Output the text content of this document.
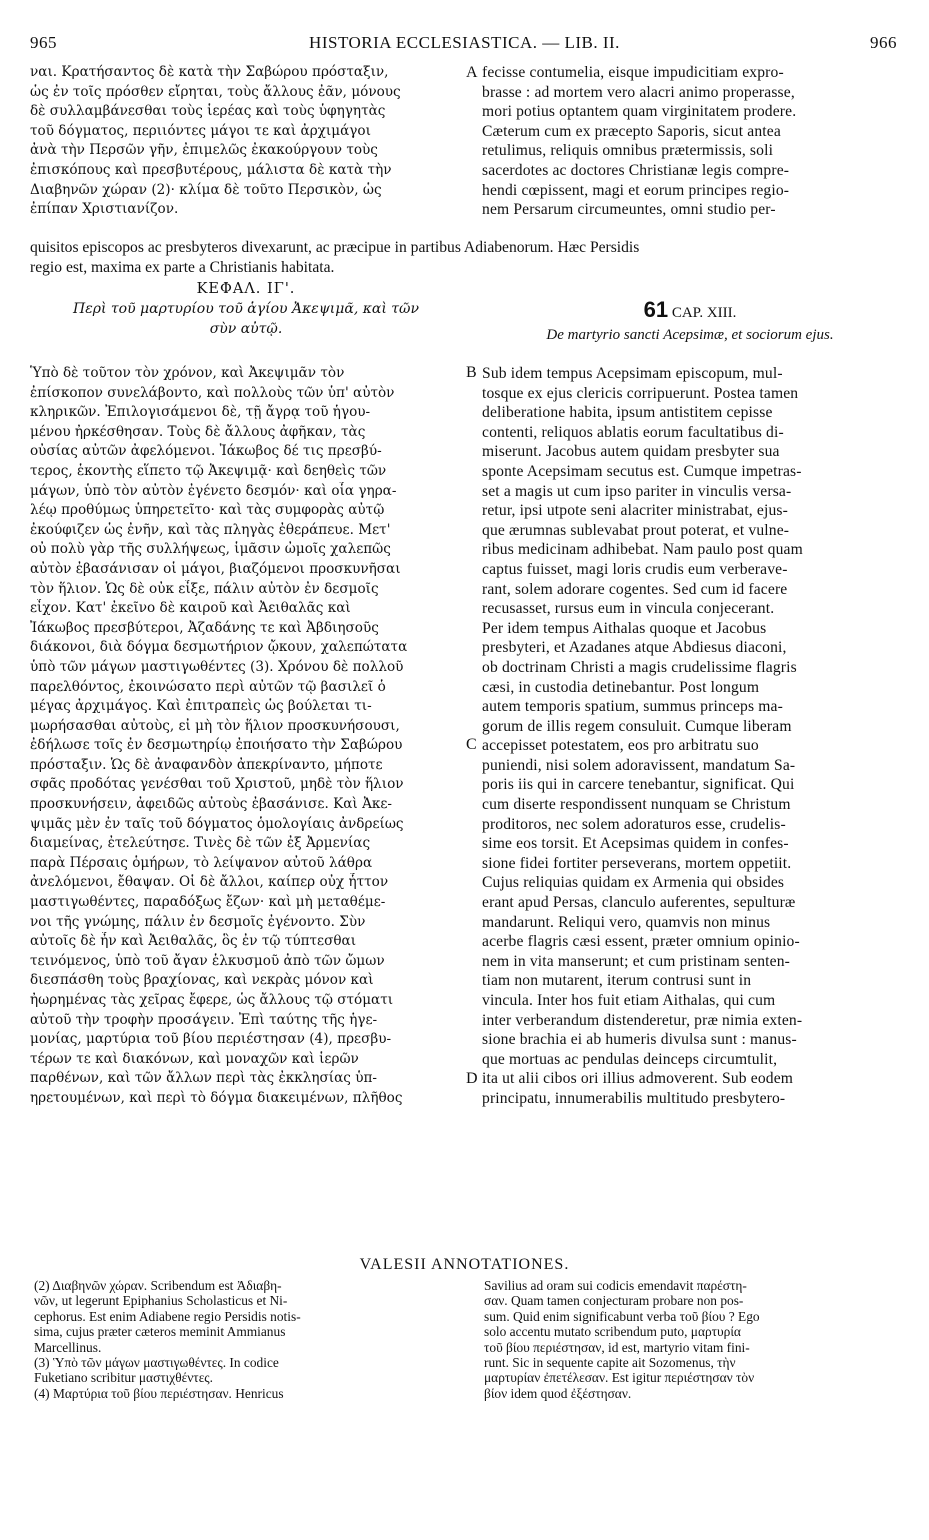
965	HISTORIA ECCLESIASTICA. — LIB. II.	966
ναι. Κρατήσαντος δὲ κατὰ τὴν Σαβώρου πρόσταξιν,
ὡς ἐν τοῖς πρόσθεν εἴρηται, τοὺς ἄλλους ἐᾶν, μόνους
δὲ συλλαμβάνεσθαι τοὺς ἱερέας καὶ τοὺς ὑφηγητὰς
τοῦ δόγματος, περιιόντες μάγοι τε καὶ ἀρχιμάγοι
ἀνὰ τὴν Περσῶν γῆν, ἐπιμελῶς ἐκακούργουν τοὺς
ἐπισκόπους καὶ πρεσβυτέρους, μάλιστα δὲ κατὰ τὴν
Διαβηνῶν χώραν (2)· κλίμα δὲ τοῦτο Περσικὸν, ὡς
ἐπίπαν Χριστιανίζον.
fecisse contumelia, eisque impudicitiam expro-
brasse : ad mortem vero alacri animo properasse,
mori potius optantem quam virginitatem prodere.
Cæterum cum ex præcepto Saporis, sicut antea
retulimus, reliquis omnibus prætermissis, soli
sacerdotes ac doctores Christianæ legis compre-
hendi cœpissent, magi et eorum principes regio-
nem Persarum circumeuntes, omni studio per-
A
quisitos episcopos ac presbyteros divexarunt, ac præcipue in partibus Adiabenorum. Hæc Persidis
regio est, maxima ex parte a Christianis habitata.
ΚΕΦΑΛ. ΙΓ'.
Περὶ τοῦ μαρτυρίου τοῦ ἁγίου Ἀκεψιμᾶ, καὶ τῶν
σὺν αὐτῷ.
61 CAP. XIII.
De martyrio sancti Acepsimæ, et sociorum ejus.
Ὑπὸ δὲ τοῦτον τὸν χρόνον, καὶ Ἀκεψιμᾶν τὸν
ἐπίσκοπον συνελάβοντο, καὶ πολλοὺς τῶν ὑπ' αὐτὸν
κληρικῶν. Ἐπιλογισάμενοι δὲ, τῇ ἄγρᾳ τοῦ ἡγου-
μένου ἠρκέσθησαν. Τοὺς δὲ ἄλλους ἀφῆκαν, τὰς
οὐσίας αὐτῶν ἀφελόμενοι. Ἰάκωβος δέ τις πρεσβύ-
τερος, ἑκοντὴς εἵπετο τῷ Ἀκεψιμᾷ· καὶ δεηθεὶς τῶν
μάγων, ὑπὸ τὸν αὐτὸν ἐγένετο δεσμόν· καὶ οἷα γηρα-
λέῳ προθύμως ὑπηρετεῖτο· καὶ τὰς συμφορὰς αὐτῷ
ἐκούφιζεν ὡς ἐνῆν, καὶ τὰς πληγὰς ἐθεράπευε. Μετ'
οὐ πολὺ γὰρ τῆς συλλήψεως, ἱμᾶσιν ὠμοῖς χαλεπῶς
αὐτὸν ἐβασάνισαν οἱ μάγοι, βιαζόμενοι προσκυνῆσαι
τὸν ἥλιον. Ὡς δὲ οὐκ εἶξε, πάλιν αὐτὸν ἐν δεσμοῖς
εἶχον. Κατ' ἐκεῖνο δὲ καιροῦ καὶ Ἀειθαλᾶς καὶ
Ἰάκωβος πρεσβύτεροι, Ἀζαδάνης τε καὶ Ἀβδιησοῦς
διάκονοι, διὰ δόγμα δεσμωτήριον ᾤκουν, χαλεπώτατα
ὑπὸ τῶν μάγων μαστιγωθέντες (3). Χρόνου δὲ πολλοῦ
παρελθόντος, ἐκοινώσατο περὶ αὐτῶν τῷ βασιλεῖ ὁ
μέγας ἀρχιμάγος. Καὶ ἐπιτραπεὶς ὡς βούλεται τι-
μωρήσασθαι αὐτοὺς, εἰ μὴ τὸν ἥλιον προσκυνήσουσι,
ἐδήλωσε τοῖς ἐν δεσμωτηρίῳ ἐποιήσατο τὴν Σαβώρου
πρόσταξιν. Ὡς δὲ ἀναφανδὸν ἀπεκρίναντο, μήποτε
σφᾶς προδότας γενέσθαι τοῦ Χριστοῦ, μηδὲ τὸν ἥλιον
προσκυνήσειν, ἀφειδῶς αὐτοὺς ἐβασάνισε. Καὶ Ἀκε-
ψιμᾶς μὲν ἐν ταῖς τοῦ δόγματος ὁμολογίαις ἀνδρείως
διαμείνας, ἐτελεύτησε. Τινὲς δὲ τῶν ἐξ Ἀρμενίας
παρὰ Πέρσαις ὁμήρων, τὸ λείψανον αὐτοῦ λάθρα
ἀνελόμενοι, ἔθαψαν. Οἱ δὲ ἄλλοι, καίπερ οὐχ ἧττον
μαστιγωθέντες, παραδόξως ἔζων· καὶ μὴ μεταθέμε-
νοι τῆς γνώμης, πάλιν ἐν δεσμοῖς ἐγένοντο. Σὺν
αὐτοῖς δὲ ἦν καὶ Ἀειθαλᾶς, ὃς ἐν τῷ τύπτεσθαι
τεινόμενος, ὑπὸ τοῦ ἄγαν ἑλκυσμοῦ ἀπὸ τῶν ὤμων
διεσπάσθη τοὺς βραχίονας, καὶ νεκρὰς μόνον καὶ
ἠωρημένας τὰς χεῖρας ἔφερε, ὡς ἄλλους τῷ στόματι
αὐτοῦ τὴν τροφὴν προσάγειν. Ἐπὶ ταύτης τῆς ἡγε-
μονίας, μαρτύρια τοῦ βίου περιέστησαν (4), πρεσβυ-
τέρων τε καὶ διακόνων, καὶ μοναχῶν καὶ ἱερῶν
παρθένων, καὶ τῶν ἄλλων περὶ τὰς ἐκκλησίας ὑπ-
ηρετουμένων, καὶ περὶ τὸ δόγμα διακειμένων, πλῆθος
Sub idem tempus Acepsimam episcopum, mul-
tosque ex ejus clericis corripuerunt. Postea tamen
deliberatione habita, ipsum antistitem cepisse
contenti, reliquos ablatis eorum facultatibus di-
miserunt. Jacobus autem quidam presbyter sua
sponte Acepsimam secutus est. Cumque impetras-
set a magis ut cum ipso pariter in vinculis versa-
retur, ipsi utpote seni alacriter ministrabat, ejus-
que ærumnas sublevabat prout poterat, et vulne-
ribus medicinam adhibebat. Nam paulo post quam
captus fuisset, magi loris crudis eum verberave-
rant, solem adorare cogentes. Sed cum id facere
recusasset, rursus eum in vincula conjecerant.
Per idem tempus Aithalas quoque et Jacobus
presbyteri, et Azadanes atque Abdiesus diaconi,
ob doctrinam Christi a magis crudelissime flagris
cæsi, in custodia detinebantur. Post longum
autem temporis spatium, summus princeps ma-
gorum de illis regem consuluit. Cumque liberam
accepisset potestatem, eos pro arbitratu suo
puniendi, nisi solem adoravissent, mandatum Sa-
poris iis qui in carcere tenebantur, significat. Qui
cum diserte respondissent nunquam se Christum
proditoros, nec solem adoraturos esse, crudelis-
sime eos torsit. Et Acepsimas quidem in confes-
sione fidei fortiter perseverans, mortem oppetiit.
Cujus reliquias quidam ex Armenia qui obsides
erant apud Persas, clanculo auferentes, sepulturæ
mandarunt. Reliqui vero, quamvis non minus
acerbe flagris cæsi essent, præter omnium opinio-
nem in vita manserunt; et cum pristinam senten-
tiam non mutarent, iterum contrusi sunt in
vincula. Inter hos fuit etiam Aithalas, qui cum
inter verberandum distenderetur, præ nimia exten-
sione brachia ei ab humeris divulsa sunt : manus-
que mortuas ac pendulas deinceps circumtulit,
ita ut alii cibos ori illius admoverent. Sub eodem
principatu, innumerabilis multitudo presbytero-
B
C
D
VALESII ANNOTATIONES.
(2) Διαβηνῶν χώραν. Scribendum est Ἀδιαβη-
νῶν, ut legerunt Epiphanius Scholasticus et Ni-
cephorus. Est enim Adiabene regio Persidis notis-
sima, cujus præter cæteros meminit Ammianus
Marcellinus.
(3) Ὑπὸ τῶν μάγων μαστιγωθέντες. In codice
Fuketiano scribitur μαστιχθέντες.
(4) Μαρτύρια τοῦ βίου περιέστησαν. Henricus
Savilius ad oram sui codicis emendavit παρέστη-
σαν. Quam tamen conjecturam probare non pos-
sum. Quid enim significabunt verba τοῦ βίου ? Ego
solo accentu mutato scribendum puto, μαρτυρία
τοῦ βίου περιέστησαν, id est, martyrio vitam fini-
runt. Sic in sequente capite ait Sozomenus, τὴν
μαρτυρίαν ἐπετέλεσαν. Est igitur περιέστησαν τὸν
βίον idem quod ἐξέστησαν.
